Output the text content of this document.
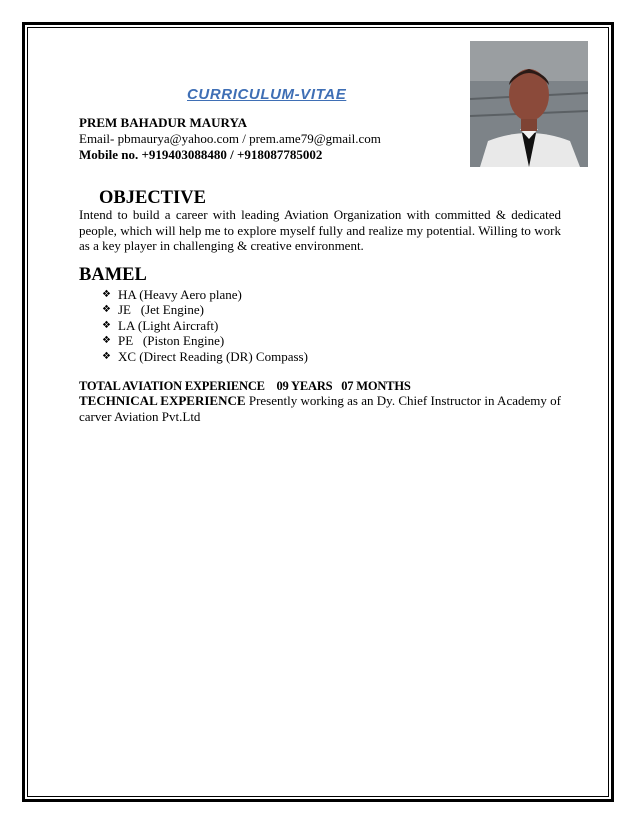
CURRICULUM-VITAE
PREM BAHADUR MAURYA
Email- pbmaurya@yahoo.com / prem.ame79@gmail.com
Mobile no. +919403088480 / +918087785002
OBJECTIVE

Intend to build a career with leading Aviation Organization with committed & dedicated people, which will help me to explore myself fully and realize my potential. Willing to work as a key player in challenging & creative environment.

BAMEL
❖ HA (Heavy Aero plane)
❖ JE   (Jet Engine)
❖ LA (Light Aircraft)
❖ PE   (Piston Engine)
❖ XC (Direct Reading (DR) Compass)
TOTAL AVIATION EXPERIENCE    09 YEARS   07 MONTHS

TECHNICAL EXPERIENCE Presently working as an Dy. Chief Instructor in Academy of carver Aviation Pvt.Ltd
